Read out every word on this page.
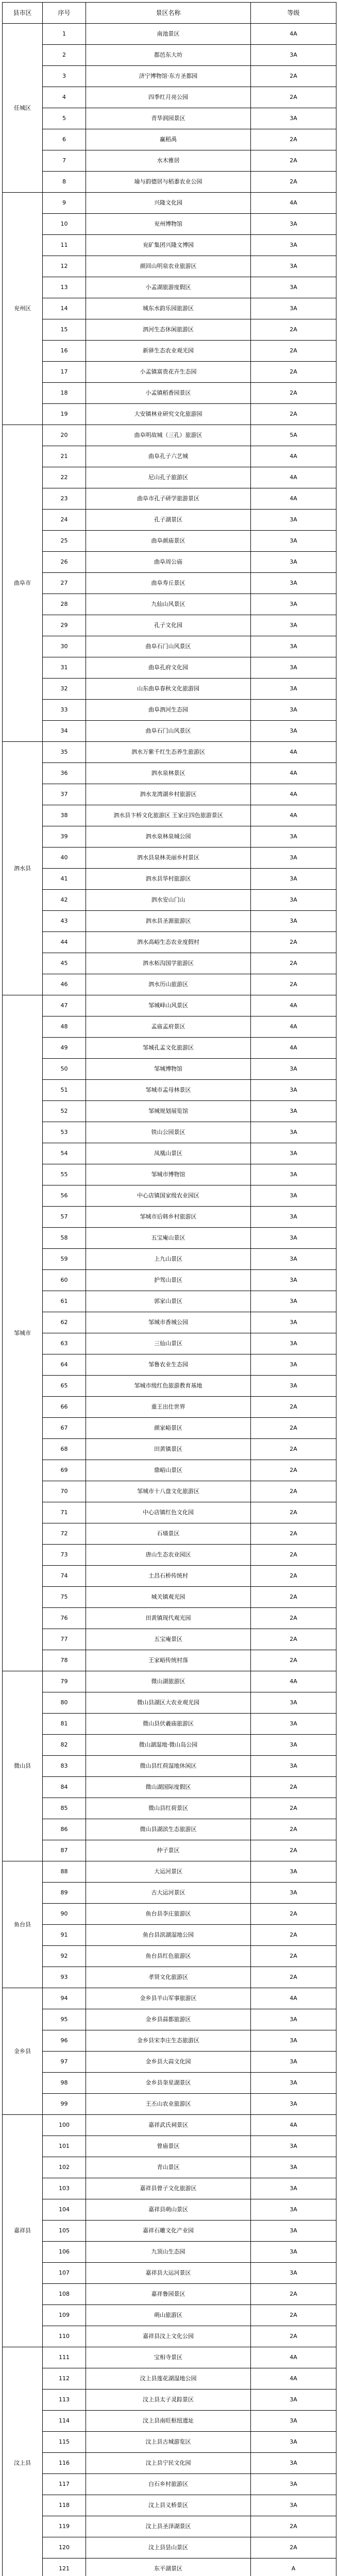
县市区	序号	景区名称	等级
任城区	1	南池景区	4A
	2	都邑东大坊	3A
	3	济宁博物馆·东方圣都园	2A
	4	四季红月亮公园	2A
	5	青华润园景区	3A
	6	赢稻禹	2A
	7	水木雅居	2A
	8	瑜与韵德居与稻黍农业公园	2A
兖州区	9	兴隆文化园	4A
	10	兖州博物馆	3A
	11	兖矿集团兴隆文博园	3A
	12	颜回山明泉农业旅游区	3A
	13	小孟湖旅游度假区	3A
	14	城东水韵乐园旅游区	3A
	15	泗河生态休闲旅游区	2A
	16	新驿生态农业观光园	2A
	17	小孟镇富贵花卉生态园	2A
	18	小孟镇稻香园景区	2A
	19	大安镇林业研究文化旅游园	2A
曲阜市	20	曲阜明故城（三孔）旅游区	5A
	21	曲阜孔子六艺城	4A
	22	尼山孔子旅游区	4A
	23	曲阜市孔子研学旅游景区	4A
	24	孔子湖景区	3A
	25	曲阜颜庙景区	3A
	26	曲阜周公庙	3A
	27	曲阜寿丘景区	3A
	28	九仙山风景区	3A
	29	孔子文化园	3A
	30	曲阜石门山风景区	3A
	31	曲阜孔府文化园	3A
	32	山东曲阜春秋文化旅游园	3A
	33	曲阜泗河生态园	3A
	34	曲阜石门山风景区	3A
泗水县	35	泗水万紫千红生态养生旅游区	4A
	36	泗水泉林景区	4A
	37	泗水龙湾湖乡村旅游区	4A
	38	泗水县卞桥文化旅游区 王家庄四色旅游景区	4A
	39	泗水泉林泉城公园	3A
	40	泗水县泉林美丽乡村景区	3A
	41	泗水县华村旅游区	3A
	42	泗水安山门山	3A
	43	泗水县圣源旅游区	3A
	44	泗水高峪生态农业度假村	2A
	45	泗水柘沟国学旅游区	2A
	46	泗水历山旅游区	2A
邹城市	47	邹城峄山风景区	4A
	48	孟庙孟府景区	4A
	49	邹城孔孟文化旅游区	4A
	50	邹城博物馆	3A
	51	邹城市孟母林景区	3A
	52	邹城规划展览馆	3A
	53	铁山公园景区	3A
	54	凤凰山景区	3A
	55	邹城市博物馆	3A
	56	中心店镇国家级农业园区	3A
	57	邹城市后韩乡村旅游区	3A
	58	五宝庵山景区	3A
	59	上九山景区	3A
	60	护驾山景区	3A
	61	郭家山景区	3A
	62	邹城市香城公园	3A
	63	三仙山景区	3A
	64	邹鲁农业生态园	3A
	65	邹城市级红色旅游教育基地	3A
	66	重王出仕世界	2A
	67	颜家峪景区	2A
	68	田黄镇景区	2A
	69	鼎峪山景区	2A
	70	邹城市十八盘文化旅游区	2A
	71	中心店镇红色文化园	2A
	72	石墙景区	2A
	73	唐山生态农业园区	2A
	74	土昌石桥传统村	2A
	75	城关镇观光园	2A
	76	田黄镇现代观光园	2A
	77	五宝庵景区	2A
	78	王家峪传统村落	2A
微山县	79	微山湖旅游区	4A
	80	微山县湖区大农业观光园	3A
	81	微山县伏羲庙旅游区	3A
	82	微山湖湿地·微山岛公园	3A
	83	微山县红荷湿地休闲区	3A
	84	微山湖国际度假区	2A
	85	微山县红荷景区	2A
	86	微山县湖滨生态旅游区	2A
	87	仲子景区	2A
鱼台县	88	大运河景区	3A
	89	古大运河景区	3A
	90	鱼台县李庄旅游区	2A
	91	鱼台县滨湖湿地公园	2A
	92	鱼台县红色旅游区	2A
	93	孝贤文化旅游区	2A
金乡县	94	金乡县羊山军事旅游区	4A
	95	金乡县蒜都旅游区	3A
	96	金乡县宋李庄生态旅游区	3A
	97	金乡县大蒜文化园	3A
	98	金乡县奎星湖景区	3A
	99	王丕山农业旅游区	3A
嘉祥县	100	嘉祥武氏祠景区	4A
	101	曾庙景区	3A
	102	青山景区	3A
	103	嘉祥县曾子文化旅游区	3A
	104	嘉祥县萌山景区	3A
	105	嘉祥石雕文化产业园	3A
	106	九顶山生态园	3A
	107	嘉祥县大运河景区	3A
	108	嘉祥鲁园景区	2A
	109	萌山旅游区	2A
	110	嘉祥县汶上文化公园	2A
汶上县	111	宝相寺景区	4A
	112	汶上县莲花湖湿地公园	4A
	113	汶上县太子灵踪景区	3A
	114	汶上县南旺枢纽遗址	3A
	115	汶上县古城游览区	3A
	116	汶上县宁民文化园	3A
	117	白石乡村旅游区	3A
	118	汶上县义桥景区	3A
	119	汶上县圣泽湖景区	2A
	120	汶上县昙山景区	2A
	121	东平湖景区	A
